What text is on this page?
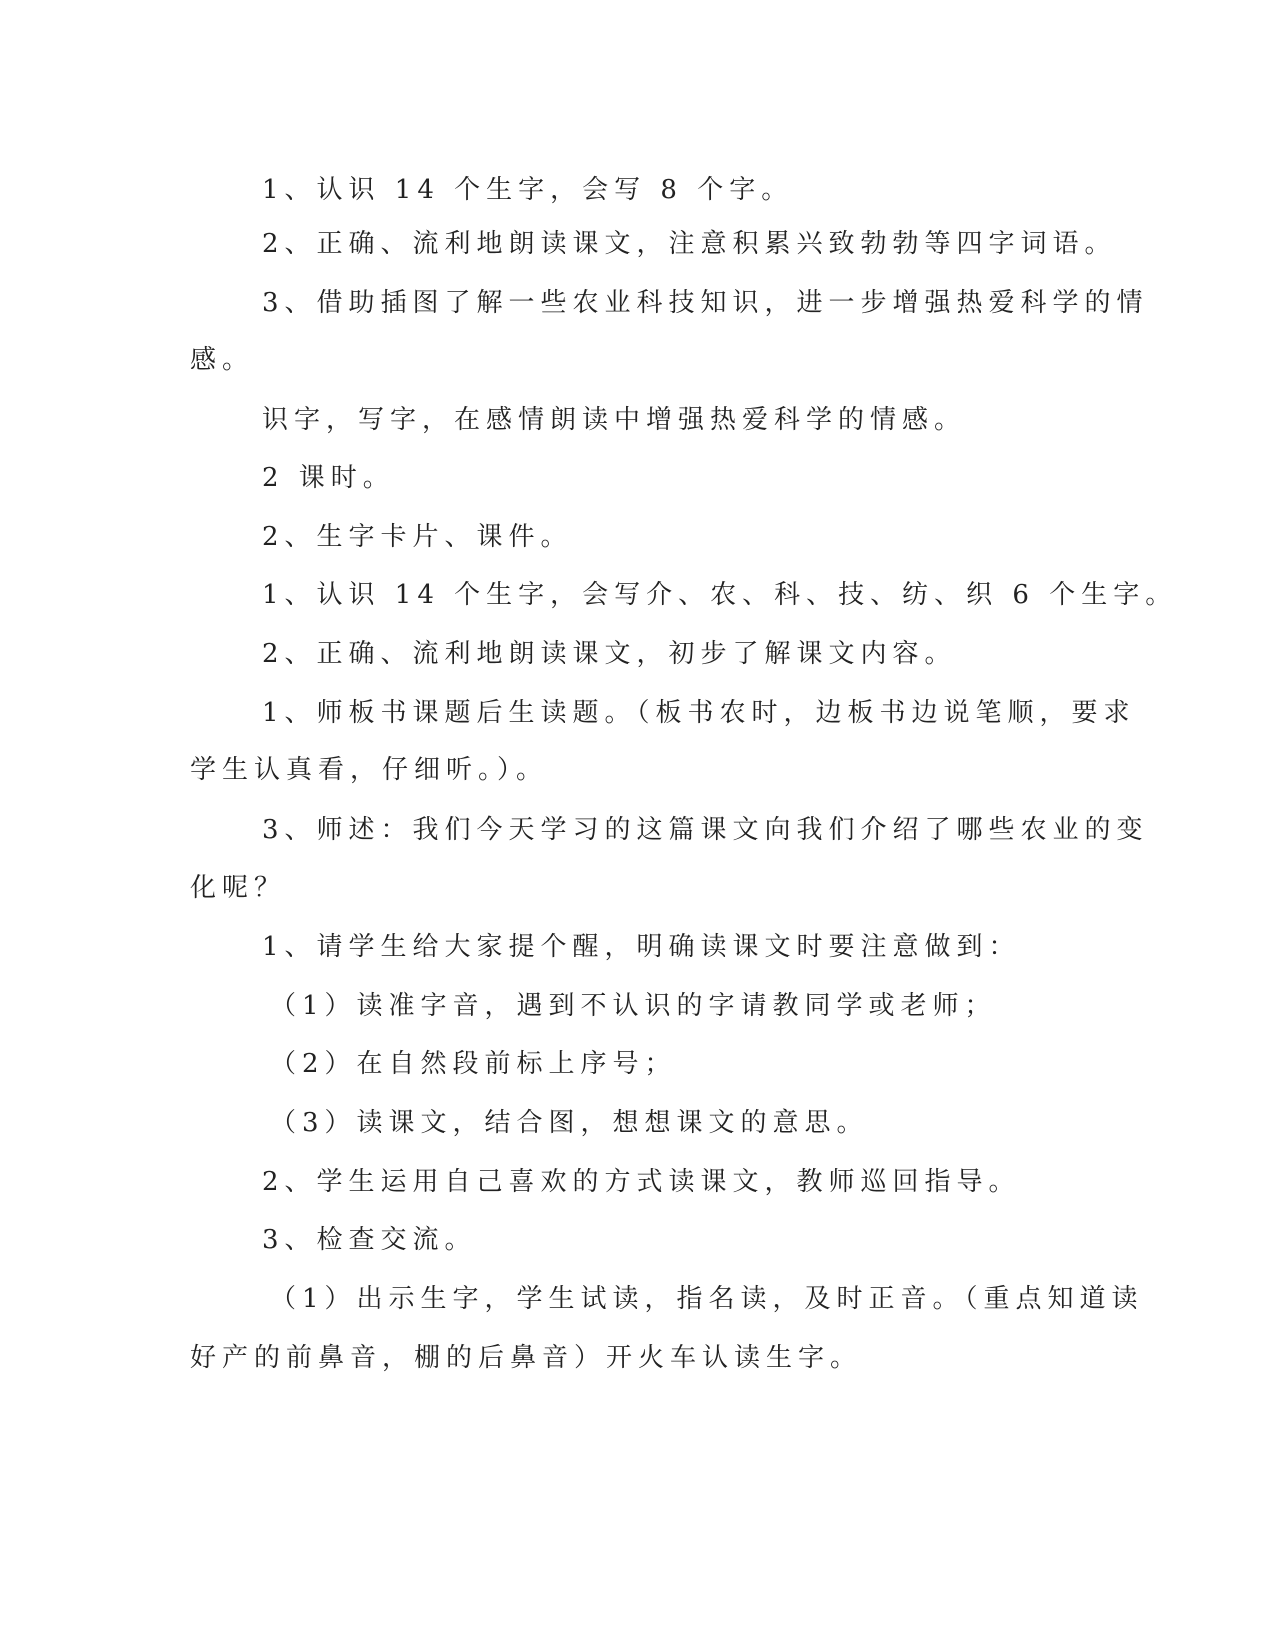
1、认识 14 个生字，会写 8 个字。
2、正确、流利地朗读课文，注意积累兴致勃勃等四字词语。
3、借助插图了解一些农业科技知识，进一步增强热爱科学的情
感。
识字，写字，在感情朗读中增强热爱科学的情感。
2 课时。
2、生字卡片、课件。
1、认识 14 个生字，会写介、农、科、技、纺、织 6 个生字。
2、正确、流利地朗读课文，初步了解课文内容。
1、师板书课题后生读题。（板书农时，边板书边说笔顺，要求
学生认真看，仔细听。）。
3、师述：我们今天学习的这篇课文向我们介绍了哪些农业的变
化呢？
1、请学生给大家提个醒，明确读课文时要注意做到：
（1）读准字音，遇到不认识的字请教同学或老师；
（2）在自然段前标上序号；
（3）读课文，结合图，想想课文的意思。
2、学生运用自己喜欢的方式读课文，教师巡回指导。
3、检查交流。
（1）出示生字，学生试读，指名读，及时正音。（重点知道读
好产的前鼻音，棚的后鼻音）开火车认读生字。
